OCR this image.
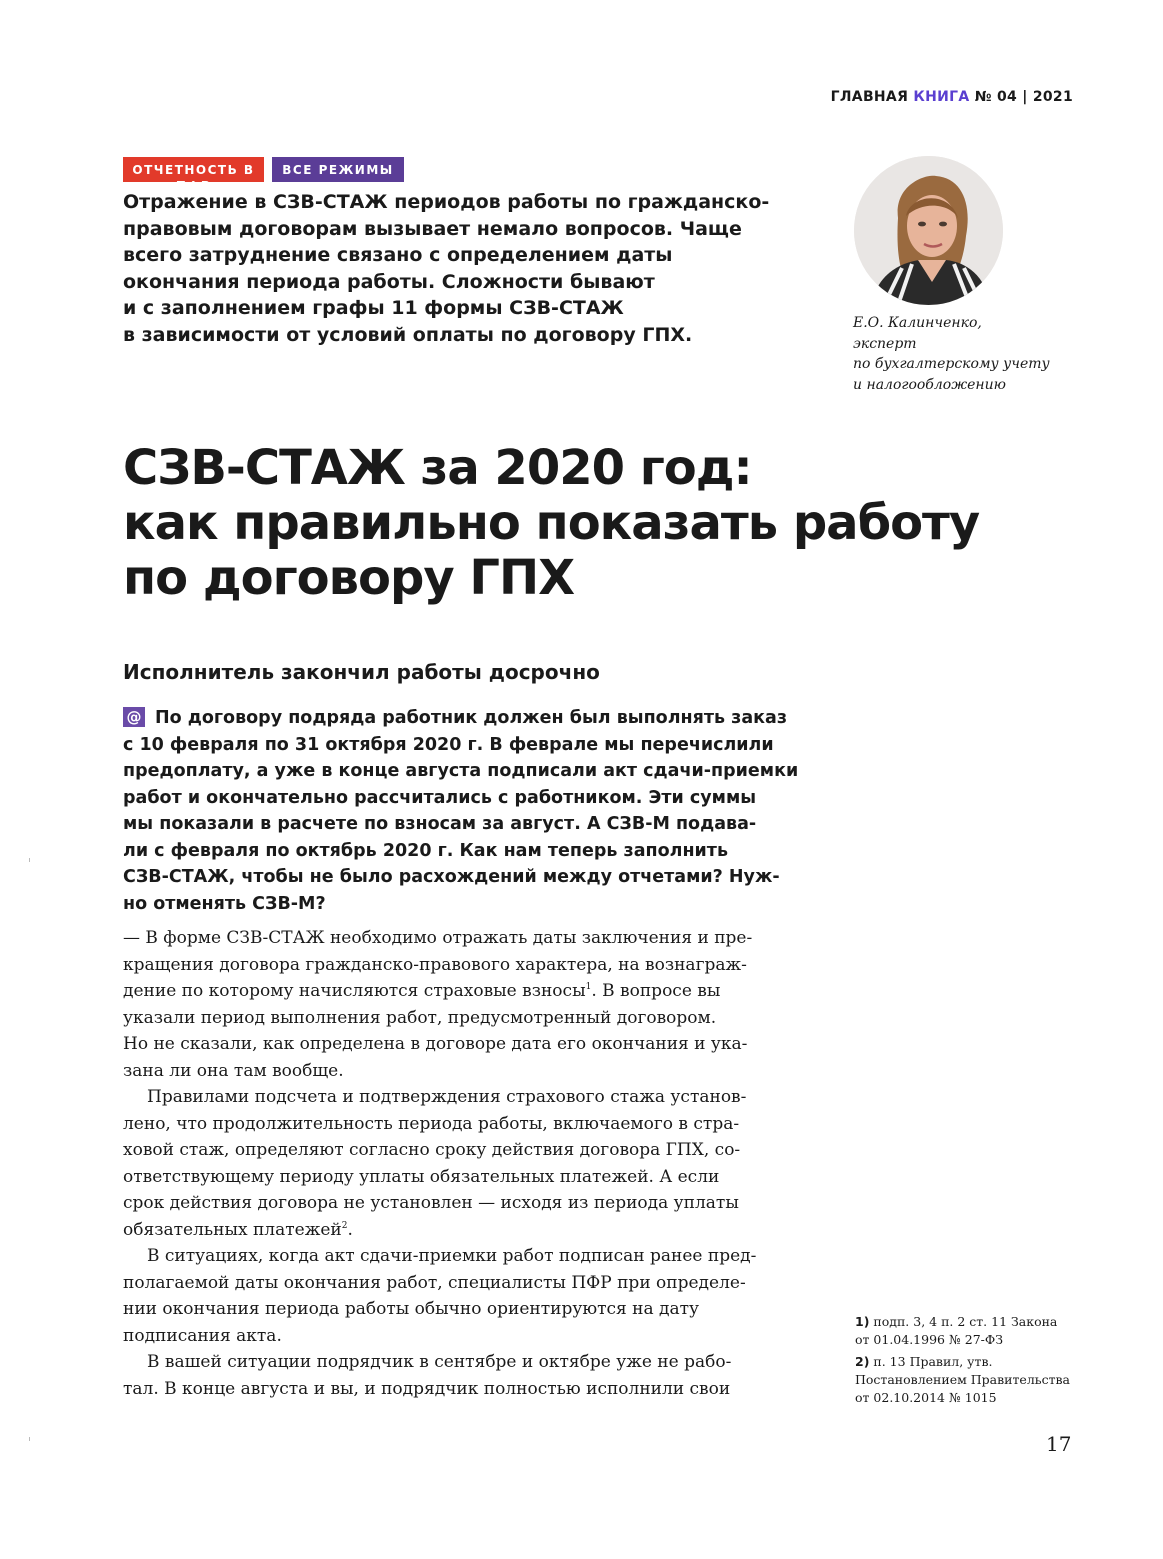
ГЛАВНАЯ КНИГА № 04 | 2021
ОТЧЕТНОСТЬ В ПФР
ВСЕ РЕЖИМЫ

Отражение в СЗВ-СТАЖ периодов работы по гражданско-
правовым договорам вызывает немало вопросов. Чаще
всего затруднение связано с определением даты
окончания периода работы. Сложности бывают
и с заполнением графы 11 формы СЗВ-СТАЖ
в зависимости от условий оплаты по договору ГПХ.

Е.О. Калинченко,
эксперт
по бухгалтерскому учету
и налогообложению
СЗВ-СТАЖ за 2020 год:
как правильно показать работу
по договору ГПХ
Исполнитель закончил работы досрочно
@ По договору подряда работник должен был выполнять заказ
с 10 февраля по 31 октября 2020 г. В феврале мы перечислили
предоплату, а уже в конце августа подписали акт сдачи-приемки
работ и окончательно рассчитались с работником. Эти суммы
мы показали в расчете по взносам за август. А СЗВ-М подава-
ли с февраля по октябрь 2020 г. Как нам теперь заполнить
СЗВ-СТАЖ, чтобы не было расхождений между отчетами? Нуж-
но отменять СЗВ-М?
— В форме СЗВ-СТАЖ необходимо отражать даты заключения и пре-
кращения договора гражданско-правового характера, на вознаграж-
дение по которому начисляются страховые взносы$^1$. В вопросе вы
указали период выполнения работ, предусмотренный договором.
Но не сказали, как определена в договоре дата его окончания и ука-
зана ли она там вообще.
Правилами подсчета и подтверждения страхового стажа установ-
лено, что продолжительность периода работы, включаемого в стра-
ховой стаж, определяют согласно сроку действия договора ГПХ, со-
ответствующему периоду уплаты обязательных платежей. А если
срок действия договора не установлен — исходя из периода уплаты
обязательных платежей$^2$.
В ситуациях, когда акт сдачи-приемки работ подписан ранее пред-
полагаемой даты окончания работ, специалисты ПФР при определе-
нии окончания периода работы обычно ориентируются на дату
подписания акта.
В вашей ситуации подрядчик в сентябре и октябре уже не рабо-
тал. В конце августа и вы, и подрядчик полностью исполнили свои
1) подп. 3, 4 п. 2 ст. 11 Закона
от 01.04.1996 № 27-ФЗ
2) п. 13 Правил, утв.
Постановлением Правительства
от 02.10.2014 № 1015
17
